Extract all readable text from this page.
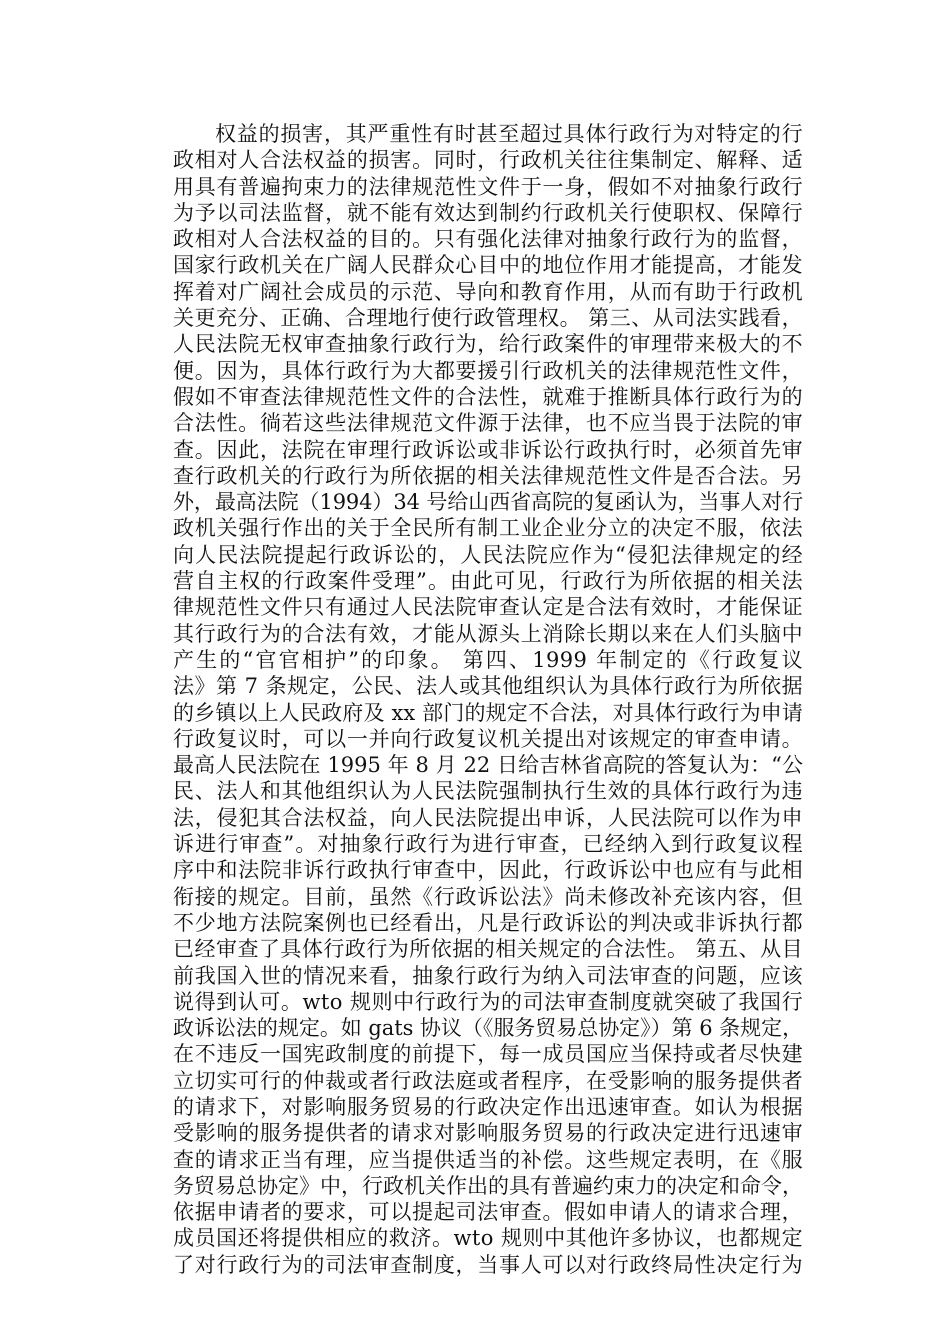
权益的损害，其严重性有时甚至超过具体行政行为对特定的行
政相对人合法权益的损害。同时，行政机关往往集制定、解释、适
用具有普遍拘束力的法律规范性文件于一身，假如不对抽象行政行
为予以司法监督，就不能有效达到制约行政机关行使职权、保障行
政相对人合法权益的目的。只有强化法律对抽象行政行为的监督，
国家行政机关在广阔人民群众心目中的地位作用才能提高，才能发
挥着对广阔社会成员的示范、导向和教育作用，从而有助于行政机
关更充分、正确、合理地行使行政管理权。 第三、从司法实践看，
人民法院无权审查抽象行政行为，给行政案件的审理带来极大的不
便。因为，具体行政行为大都要援引行政机关的法律规范性文件，
假如不审查法律规范性文件的合法性，就难于推断具体行政行为的
合法性。徜若这些法律规范文件源于法律，也不应当畏于法院的审
查。因此，法院在审理行政诉讼或非诉讼行政执行时，必须首先审
查行政机关的行政行为所依据的相关法律规范性文件是否合法。另
外，最高法院（1994）34 号给山西省高院的复函认为，当事人对行
政机关强行作出的关于全民所有制工业企业分立的决定不服，依法
向人民法院提起行政诉讼的，人民法院应作为“侵犯法律规定的经
营自主权的行政案件受理”。由此可见，行政行为所依据的相关法
律规范性文件只有通过人民法院审查认定是合法有效时，才能保证
其行政行为的合法有效，才能从源头上消除长期以来在人们头脑中
产生的“官官相护”的印象。 第四、1999 年制定的《行政复议
法》第 7 条规定，公民、法人或其他组织认为具体行政行为所依据
的乡镇以上人民政府及 xx 部门的规定不合法，对具体行政行为申请
行政复议时，可以一并向行政复议机关提出对该规定的审查申请。
最高人民法院在 1995 年 8 月 22 日给吉林省高院的答复认为：“公
民、法人和其他组织认为人民法院强制执行生效的具体行政行为违
法，侵犯其合法权益，向人民法院提出申诉，人民法院可以作为申
诉进行审查”。对抽象行政行为进行审查，已经纳入到行政复议程
序中和法院非诉行政执行审查中，因此，行政诉讼中也应有与此相
衔接的规定。目前，虽然《行政诉讼法》尚未修改补充该内容，但
不少地方法院案例也已经看出，凡是行政诉讼的判决或非诉执行都
已经审查了具体行政行为所依据的相关规定的合法性。 第五、从目
前我国入世的情况来看，抽象行政行为纳入司法审查的问题，应该
说得到认可。wto 规则中行政行为的司法审查制度就突破了我国行
政诉讼法的规定。如 gats 协议（《服务贸易总协定》）第 6 条规定，
在不违反一国宪政制度的前提下，每一成员国应当保持或者尽快建
立切实可行的仲裁或者行政法庭或者程序，在受影响的服务提供者
的请求下，对影响服务贸易的行政决定作出迅速审查。如认为根据
受影响的服务提供者的请求对影响服务贸易的行政决定进行迅速审
查的请求正当有理，应当提供适当的补偿。这些规定表明，在《服
务贸易总协定》中，行政机关作出的具有普遍约束力的决定和命令，
依据申请者的要求，可以提起司法审查。假如申请人的请求合理，
成员国还将提供相应的救济。wto 规则中其他许多协议，也都规定
了对行政行为的司法审查制度，当事人可以对行政终局性决定行为
